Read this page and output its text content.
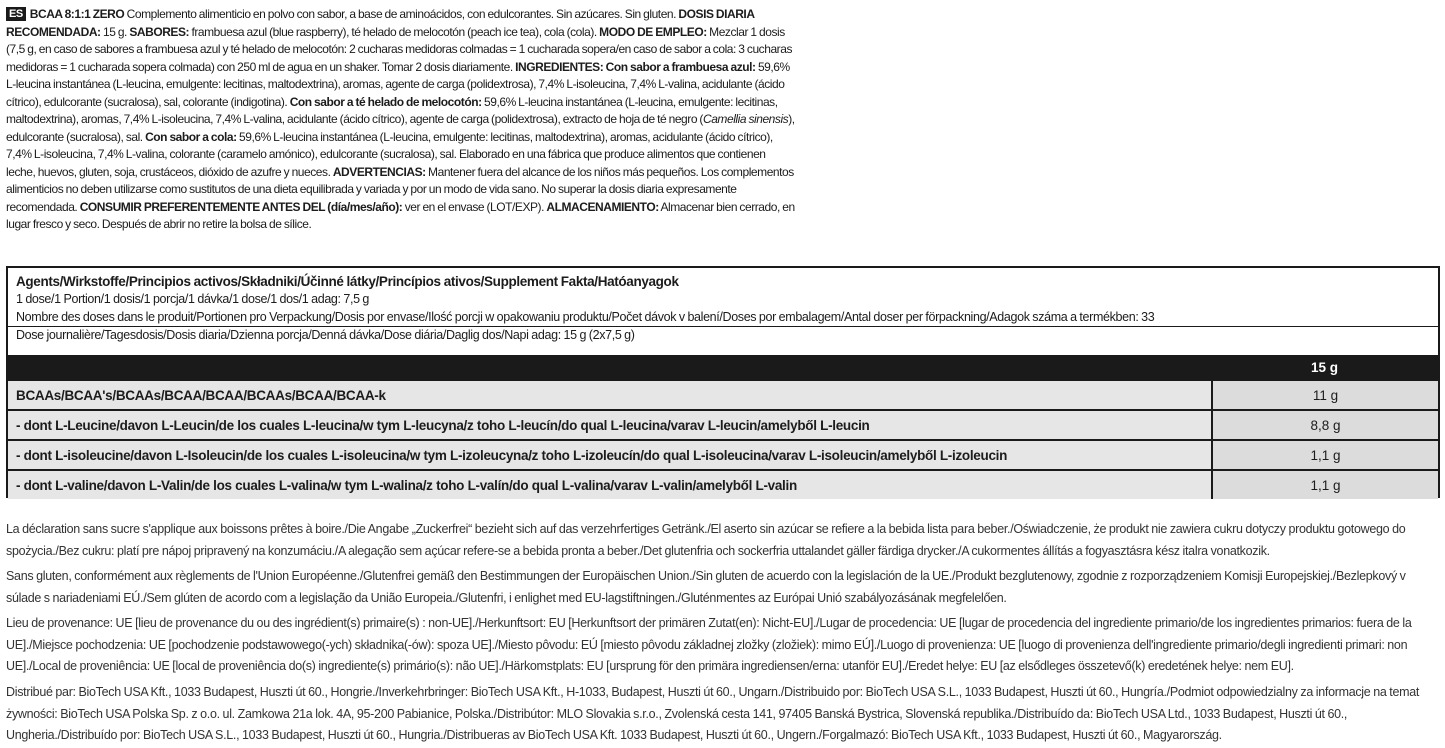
ES BCAA 8:1:1 ZERO Complemento alimenticio en polvo con sabor, a base de aminoácidos, con edulcorantes. Sin azúcares. Sin gluten. DOSIS DIARIA RECOMENDADA: 15 g. SABORES: frambuesa azul (blue raspberry), té helado de melocotón (peach ice tea), cola (cola). MODO DE EMPLEO: Mezclar 1 dosis (7,5 g, en caso de sabores a frambuesa azul y té helado de melocotón: 2 cucharas medidoras colmadas = 1 cucharada sopera/en caso de sabor a cola: 3 cucharas medidoras = 1 cucharada sopera colmada) con 250 ml de agua en un shaker. Tomar 2 dosis diariamente. INGREDIENTES: Con sabor a frambuesa azul: 59,6% L-leucina instantánea (L-leucina, emulgente: lecitinas, maltodextrina), aromas, agente de carga (polidextrosa), 7,4% L-isoleucina, 7,4% L-valina, acidulante (ácido cítrico), edulcorante (sucralosa), sal, colorante (indigotina). Con sabor a té helado de melocotón: 59,6% L-leucina instantánea (L-leucina, emulgente: lecitinas, maltodextrina), aromas, 7,4% L-isoleucina, 7,4% L-valina, acidulante (ácido cítrico), agente de carga (polidextrosa), extracto de hoja de té negro (Camellia sinensis), edulcorante (sucralosa), sal. Con sabor a cola: 59,6% L-leucina instantánea (L-leucina, emulgente: lecitinas, maltodextrina), aromas, acidulante (ácido cítrico), 7,4% L-isoleucina, 7,4% L-valina, colorante (caramelo amónico), edulcorante (sucralosa), sal. Elaborado en una fábrica que produce alimentos que contienen leche, huevos, gluten, soja, crustáceos, dióxido de azufre y nueces. ADVERTENCIAS: Mantener fuera del alcance de los niños más pequeños. Los complementos alimenticios no deben utilizarse como sustitutos de una dieta equilibrada y variada y por un modo de vida sano. No superar la dosis diaria expresamente recomendada. CONSUMIR PREFERENTEMENTE ANTES DEL (día/mes/año): ver en el envase (LOT/EXP). ALMACENAMIENTO: Almacenar bien cerrado, en lugar fresco y seco. Después de abrir no retire la bolsa de sílice.
Agents/Wirkstoffe/Principios activos/Składniki/Účinné látky/Princípios ativos/Supplement Fakta/Hatóanyagok
1 dose/1 Portion/1 dosis/1 porcja/1 dávka/1 dose/1 dos/1 adag: 7,5 g
Nombre des doses dans le produit/Portionen pro Verpackung/Dosis por envase/Ilość porcji w opakowaniu produktu/Počet dávok v balení/Doses por embalagem/Antal doser per förpackning/Adagok száma a termékben: 33
Dose journalière/Tagesdosis/Dosis diaria/Dzienna porcja/Denná dávka/Dose diária/Daglig dos/Napi adag: 15 g (2x7,5 g)
15 g
BCAAs/BCAA's/BCAAs/BCAA/BCAA/BCAAs/BCAA/BCAA-k	11 g
- dont L-Leucine/davon L-Leucin/de los cuales L-leucina/w tym L-leucyna/z toho L-leucín/do qual L-leucina/varav L-leucin/amelyből L-leucin	8,8 g
- dont L-isoleucine/davon L-Isoleucin/de los cuales L-isoleucina/w tym L-izoleucyna/z toho L-izoleucín/do qual L-isoleucina/varav L-isoleucin/amelyből L-izoleucin	1,1 g
- dont L-valine/davon L-Valin/de los cuales L-valina/w tym L-walina/z toho L-valín/do qual L-valina/varav L-valin/amelyből L-valin	1,1 g
La déclaration sans sucre s'applique aux boissons prêtes à boire./Die Angabe „Zuckerfrei“ bezieht sich auf das verzehrfertiges Getränk./El aserto sin azúcar se refiere a la bebida lista para beber./Oświadczenie, że produkt nie zawiera cukru dotyczy produktu gotowego do spożycia./Bez cukru: platí pre nápoj pripravený na konzumáciu./A alegação sem açúcar refere-se a bebida pronta a beber./Det glutenfria och sockerfria uttalandet gäller färdiga drycker./A cukormentes állítás a fogyasztásra kész italra vonatkozik.
Sans gluten, conformément aux règlements de l'Union Européenne./Glutenfrei gemäß den Bestimmungen der Europäischen Union./Sin gluten de acuerdo con la legislación de la UE./Produkt bezglutenowy, zgodnie z rozporządzeniem Komisji Europejskiej./Bezlepkový v súlade s nariadeniami EÚ./Sem glúten de acordo com a legislação da União Europeia./Glutenfri, i enlighet med EU-lagstiftningen./Gluténmentes az Európai Unió szabályozásának megfelelően.
Lieu de provenance: UE [lieu de provenance du ou des ingrédient(s) primaire(s) : non-UE]./Herkunftsort: EU [Herkunftsort der primären Zutat(en): Nicht-EU]./Lugar de procedencia: UE [lugar de procedencia del ingrediente primario/de los ingredientes primarios: fuera de la UE]./Miejsce pochodzenia: UE [pochodzenie podstawowego(-ych) składnika(-ów): spoza UE]./Miesto pôvodu: EÚ [miesto pôvodu základnej zložky (zložiek): mimo EÚ]./Luogo di provenienza: UE [luogo di provenienza dell'ingrediente primario/degli ingredienti primari: non UE]./Local de proveniência: UE [local de proveniência do(s) ingrediente(s) primário(s): não UE]./Härkomstplats: EU [ursprung för den primära ingrediensen/erna: utanför EU]./Eredet helye: EU [az elsődleges összetevő(k) eredetének helye: nem EU].
Distribué par: BioTech USA Kft., 1033 Budapest, Huszti út 60., Hongrie./Inverkehrbringer: BioTech USA Kft., H-1033, Budapest, Huszti út 60., Ungarn./Distribuido por: BioTech USA S.L., 1033 Budapest, Huszti út 60., Hungría./Podmiot odpowiedzialny za informacje na temat żywności: BioTech USA Polska Sp. z o.o. ul. Zamkowa 21a lok. 4A, 95-200 Pabianice, Polska./Distribútor: MLO Slovakia s.r.o., Zvolenská cesta 141, 97405 Banská Bystrica, Slovenská republika./Distribuído da: BioTech USA Ltd., 1033 Budapest, Huszti út 60., Ungheria./Distribuído por: BioTech USA S.L., 1033 Budapest, Huszti út 60., Hungria./Distribueras av BioTech USA Kft. 1033 Budapest, Huszti út 60., Ungern./Forgalmazó: BioTech USA Kft., 1033 Budapest, Huszti út 60., Magyarország.
